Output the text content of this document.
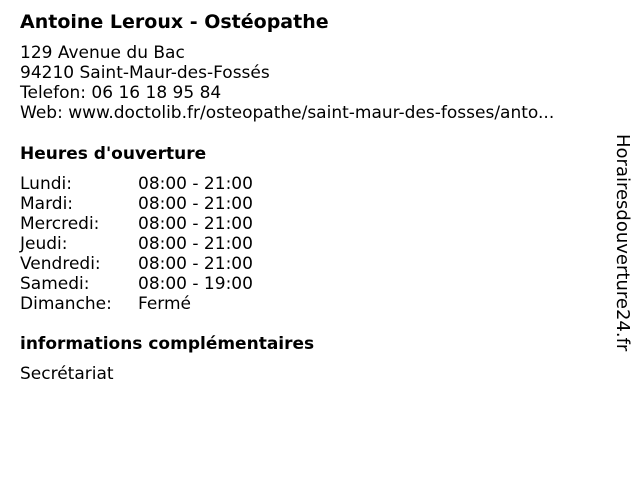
Antoine Leroux - Ostéopathe
129 Avenue du Bac
94210 Saint-Maur-des-Fossés
Telefon: 06 16 18 95 84
Web: www.doctolib.fr/osteopathe/saint-maur-des-fosses/anto...
Heures d'ouverture
Lundi:	08:00 - 21:00
Mardi:	08:00 - 21:00
Mercredi:	08:00 - 21:00
Jeudi:	08:00 - 21:00
Vendredi:	08:00 - 21:00
Samedi:	08:00 - 19:00
Dimanche:	Fermé
informations complémentaires
Secrétariat
Horairesdouverture24.fr
